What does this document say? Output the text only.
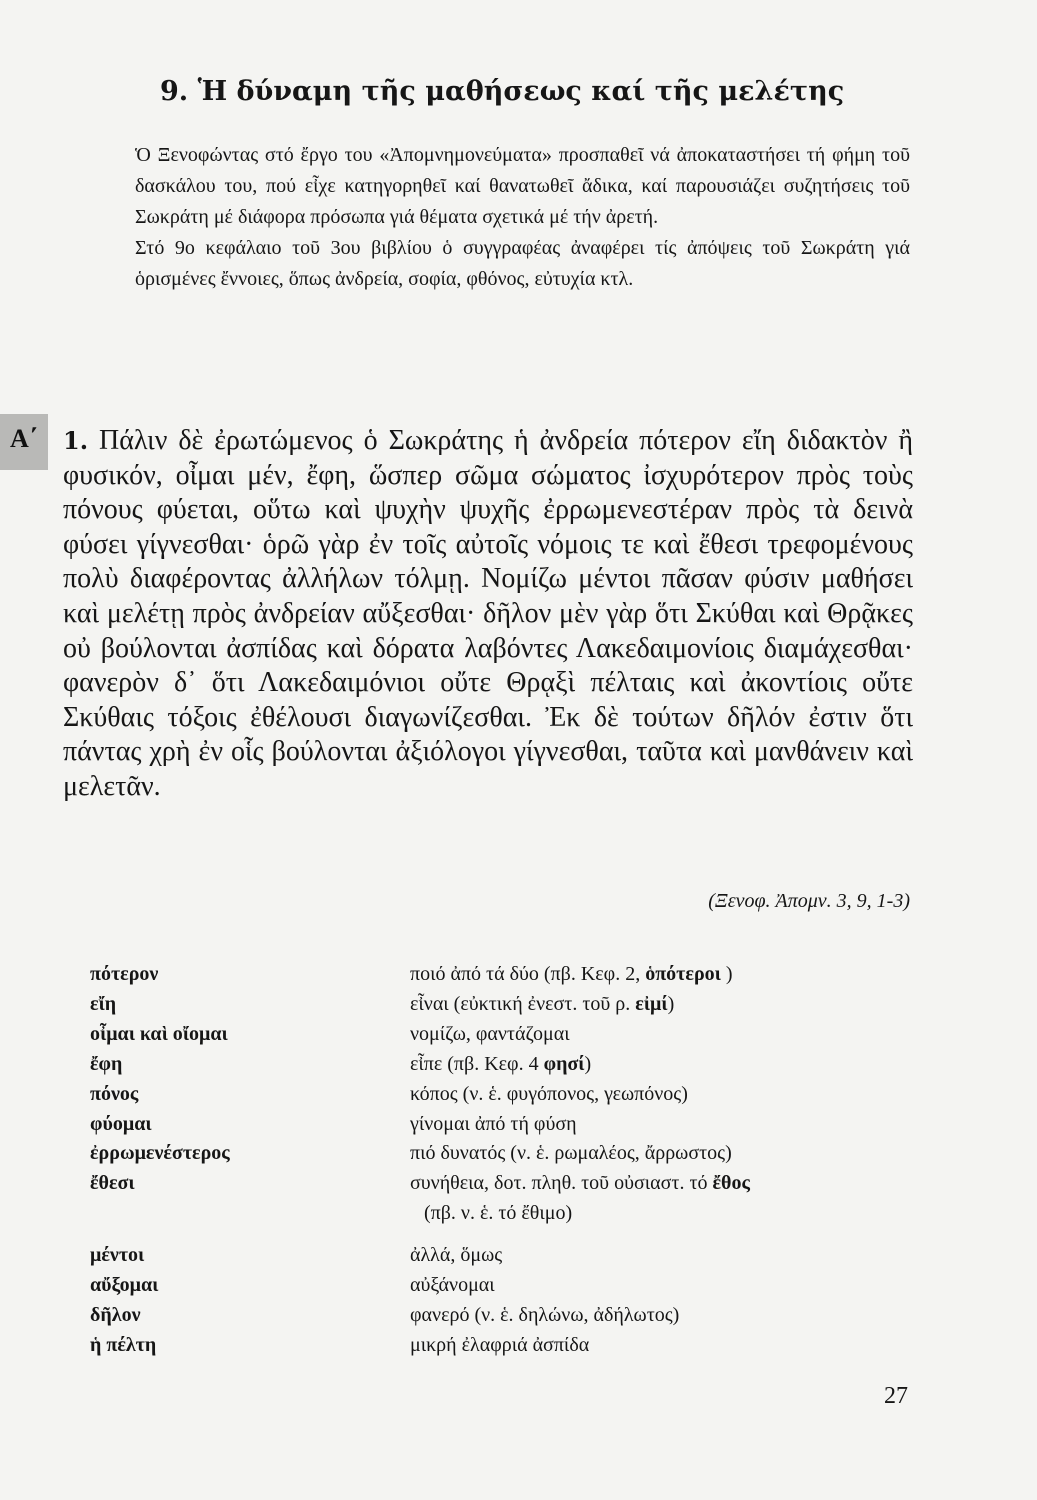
9. Ἡ δύναμη τῆς μαθήσεως καί τῆς μελέτης

Ὁ Ξενοφώντας στό ἔργο του «Ἀπομνημονεύματα» προσπαθεῖ νά ἀποκαταστήσει τή φήμη τοῦ δασκάλου του, πού εἶχε κατηγορηθεῖ καί θανατωθεῖ ἄδικα, καί παρουσιάζει συζητήσεις τοῦ Σωκράτη μέ διάφορα πρόσωπα γιά θέματα σχετικά μέ τήν ἀρετή.

Στό 9ο κεφάλαιο τοῦ 3ου βιβλίου ὁ συγγραφέας ἀναφέρει τίς ἀπόψεις τοῦ Σωκράτη γιά ὁρισμένες ἔννοιες, ὅπως ἀνδρεία, σοφία, φθόνος, εὐτυχία κτλ.

Α΄ 1. Πάλιν δὲ ἐρωτώμενος ὁ Σωκράτης ἡ ἀνδρεία πότερον εἴη διδακτὸν ἢ φυσικόν, οἶμαι μέν, ἔφη, ὥσπερ σῶμα σώματος ἰσχυρότερον πρὸς τοὺς πόνους φύεται, οὕτω καὶ ψυχὴν ψυχῆς ἐρρωμενεστέραν πρὸς τὰ δεινὰ φύσει γίγνεσθαι· ὁρῶ γὰρ ἐν τοῖς αὐτοῖς νόμοις τε καὶ ἔθεσι τρεφομένους πολὺ διαφέροντας ἀλλήλων τόλμῃ. Νομίζω μέντοι πᾶσαν φύσιν μαθήσει καὶ μελέτῃ πρὸς ἀνδρείαν αὔξεσθαι· δῆλον μὲν γὰρ ὅτι Σκύθαι καὶ Θρᾷκες οὐ βούλονται ἀσπίδας καὶ δόρατα λαβόντες Λακεδαιμονίοις διαμάχεσθαι· φανερὸν δ᾽ ὅτι Λακεδαιμόνιοι οὔτε Θρᾳξὶ πέλταις καὶ ἀκοντίοις οὔτε Σκύθαις τόξοις ἐθέλουσι διαγωνίζεσθαι. Ἐκ δὲ τούτων δῆλόν ἐστιν ὅτι πάντας χρὴ ἐν οἷς βούλονται ἀξιόλογοι γίγνεσθαι, ταῦτα καὶ μανθάνειν καὶ μελετᾶν.
(Ξενοφ. Ἀπομν. 3, 9, 1-3)
πότερον	ποιό ἀπό τά δύο (πβ. Κεφ. 2, ὁπότεροι )
εἴη	εἶναι (εὐκτική ἐνεστ. τοῦ ρ. εἰμί)
οἶμαι καὶ οἴομαι	νομίζω, φαντάζομαι
ἔφη	εἶπε (πβ. Κεφ. 4 φησί)
πόνος	κόπος (ν. ἑ. φυγόπονος, γεωπόνος)
φύομαι	γίνομαι ἀπό τή φύση
ἐρρωμενέστερος	πιό δυνατός (ν. ἑ. ρωμαλέος, ἄρρωστος)
ἔθεσι	συνήθεια, δοτ. πληθ. τοῦ οὐσιαστ. τό ἔθος
(πβ. ν. ἑ. τό ἔθιμο)
μέντοι	ἀλλά, ὅμως
αὔξομαι	αὐξάνομαι
δῆλον	φανερό (ν. ἑ. δηλώνω, ἀδήλωτος)
ἡ πέλτη	μικρή ἐλαφριά ἀσπίδα
27
